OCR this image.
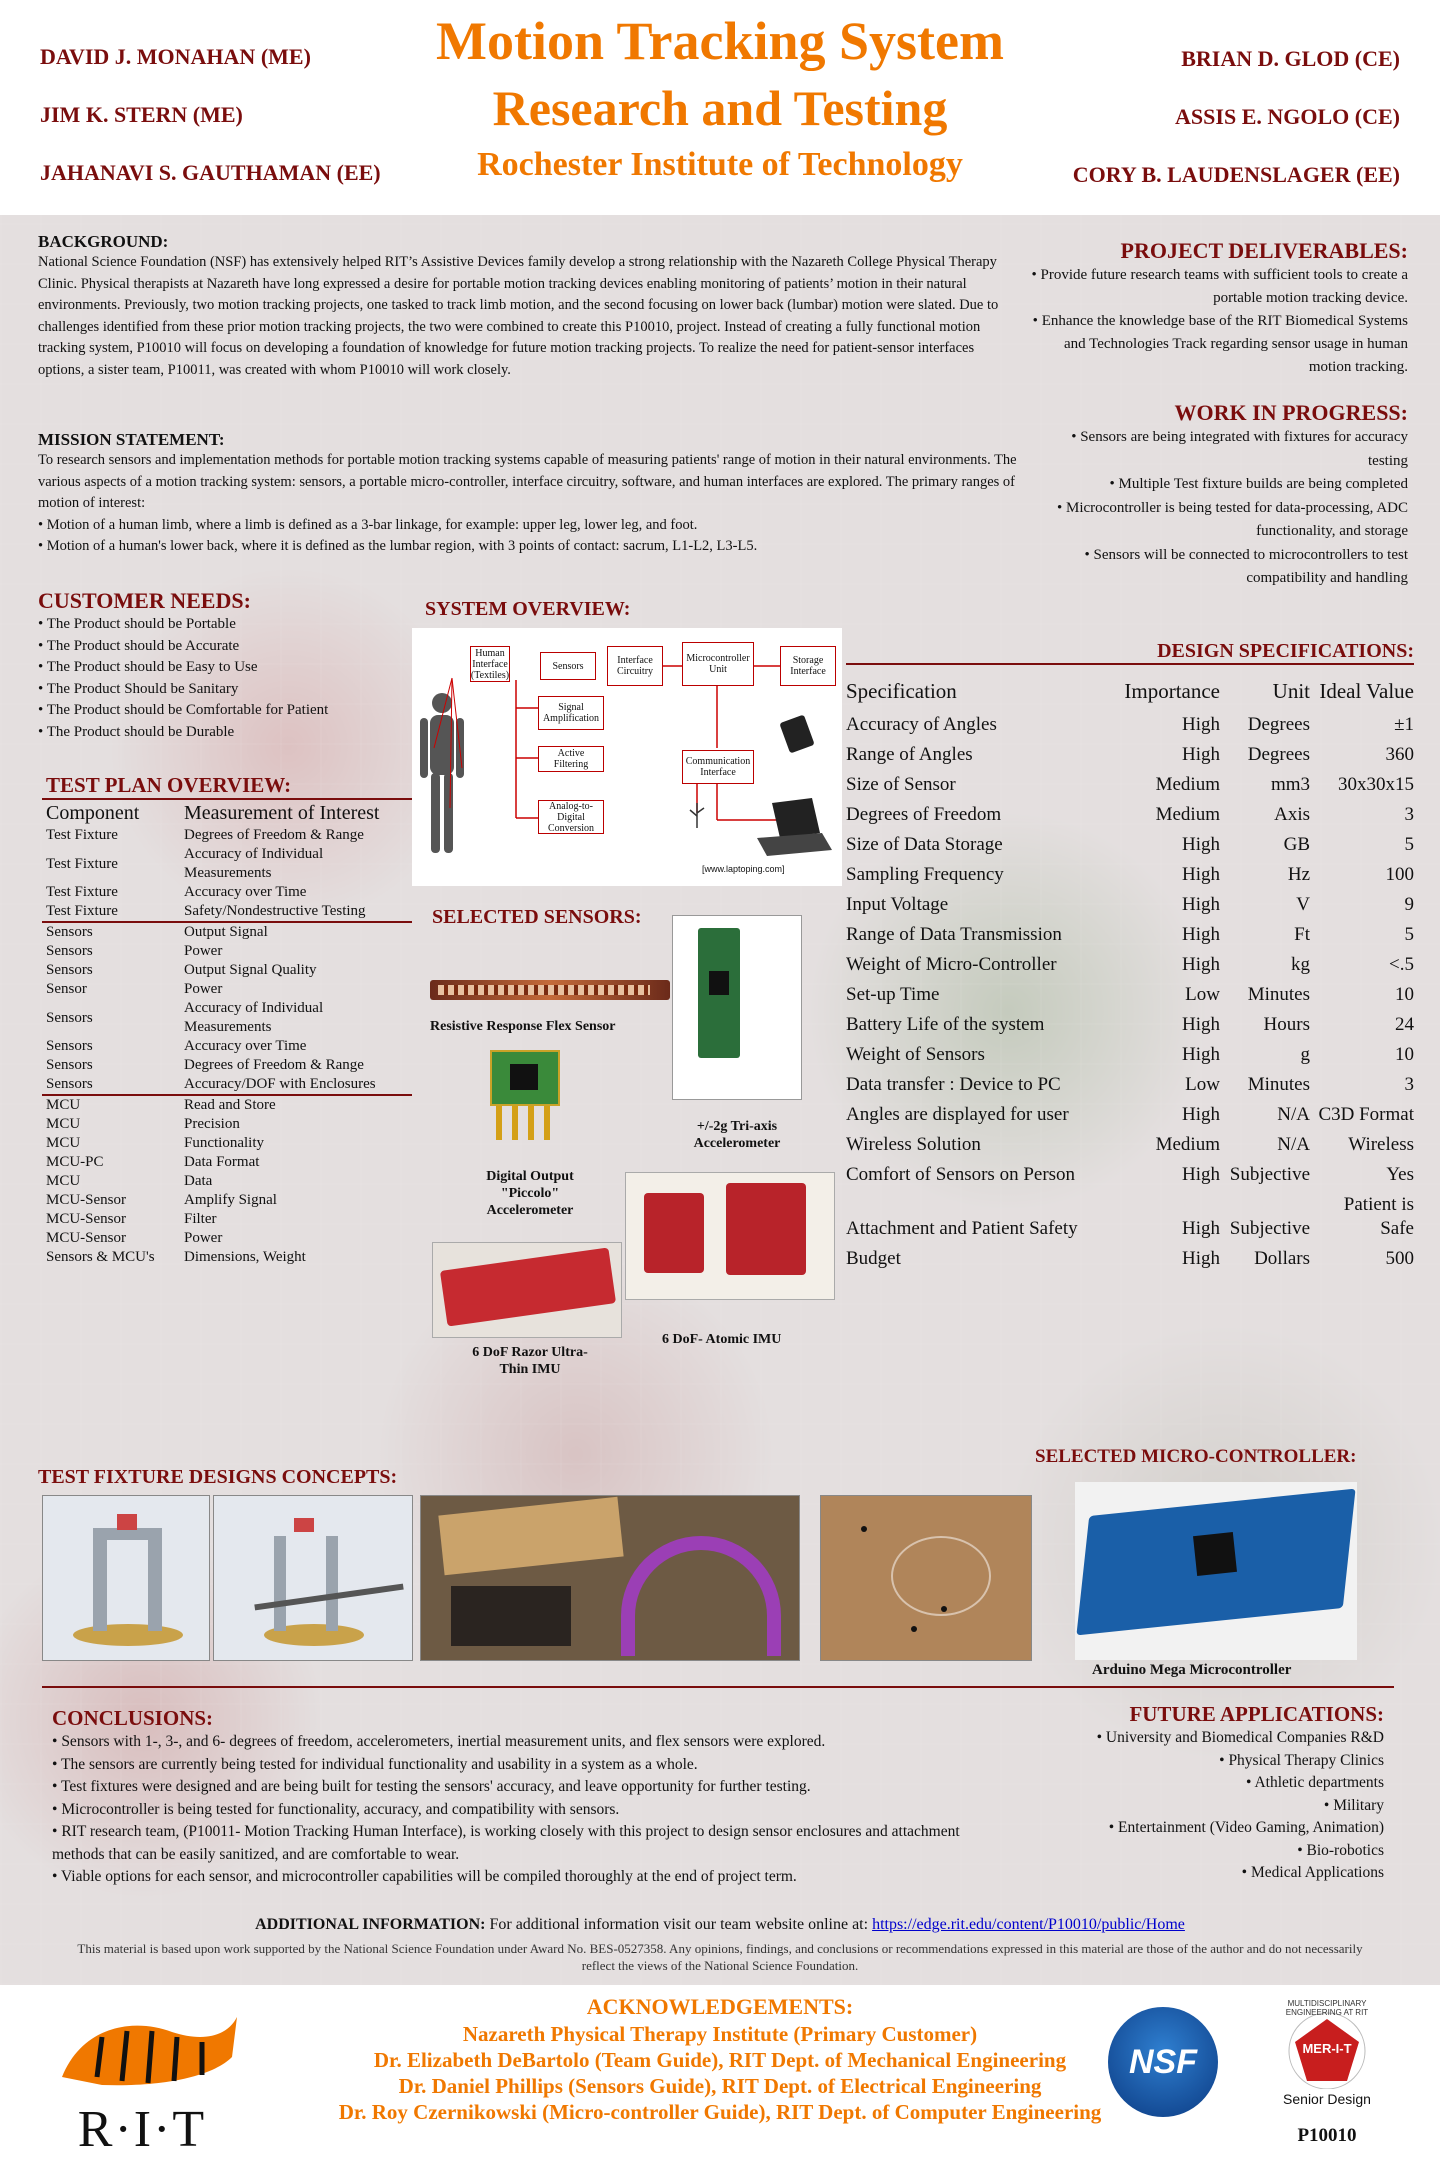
DAVID J. MONAHAN (ME)
JIM K. STERN (ME)
JAHANAVI S. GAUTHAMAN (EE)
Motion Tracking System
Research and Testing
Rochester Institute of Technology
BRIAN D. GLOD (CE)
ASSIS E. NGOLO (CE)
CORY B. LAUDENSLAGER (EE)
BACKGROUND:
National Science Foundation (NSF) has extensively helped RIT’s Assistive Devices family develop a strong relationship with the Nazareth College Physical Therapy Clinic. Physical therapists at Nazareth have long expressed a desire for portable motion tracking devices enabling monitoring of patients’ motion in their natural environments. Previously, two motion tracking projects, one tasked to track limb motion, and the second focusing on lower back (lumbar) motion were slated. Due to challenges identified from these prior motion tracking projects, the two were combined to create this P10010, project. Instead of creating a fully functional motion tracking system, P10010 will focus on developing a foundation of knowledge for future motion tracking projects. To realize the need for patient-sensor interfaces options, a sister team, P10011, was created with whom P10010 will work closely.
MISSION STATEMENT:
To research sensors and implementation methods for portable motion tracking systems capable of measuring patients' range of motion in their natural environments. The various aspects of a motion tracking system: sensors, a portable micro-controller, interface circuitry, software, and human interfaces are explored. The primary ranges of motion of interest:
• Motion of a human limb, where a limb is defined as a 3-bar linkage, for example: upper leg, lower leg, and foot.
• Motion of a human's lower back, where it is defined as the lumbar region, with 3 points of contact: sacrum, L1-L2, L3-L5.
PROJECT DELIVERABLES:
• Provide future research teams with sufficient tools to create a portable motion tracking device.
• Enhance the knowledge base of the RIT Biomedical Systems and Technologies Track regarding sensor usage in human motion tracking.
WORK IN PROGRESS:
• Sensors are being integrated with fixtures for accuracy testing
• Multiple Test fixture builds are being completed
• Microcontroller is being tested for data-processing, ADC functionality, and storage
• Sensors will be connected to microcontrollers to test compatibility and handling
CUSTOMER NEEDS:
• The Product should be Portable
• The Product should be Accurate
• The Product should be Easy to Use
• The Product Should be Sanitary
• The Product should be Comfortable for Patient
• The Product should be Durable
SYSTEM OVERVIEW:
Human Interface (Textiles)
Sensors	Interface Circuitry
Microcontroller Unit
Storage Interface
Signal Amplification
Active Filtering
Analog-to-Digital Conversion
Communication Interface
[www.laptoping.com]
TEST PLAN OVERVIEW:
Component	Measurement of Interest
Test Fixture	Degrees of Freedom & Range
Test Fixture	Accuracy of Individual Measurements
Test Fixture	Accuracy over Time
Test Fixture	Safety/Nondestructive Testing
Sensors	Output Signal
Sensors	Power
Sensors	Output Signal Quality
Sensor	Power
Sensors	Accuracy of Individual Measurements
Sensors	Accuracy over Time
Sensors	Degrees of Freedom & Range
Sensors	Accuracy/DOF with Enclosures
MCU	Read and Store
MCU	Precision
MCU	Functionality
MCU-PC	Data Format
MCU	Data
MCU-Sensor	Amplify Signal
MCU-Sensor	Filter
MCU-Sensor	Power
Sensors & MCU's	Dimensions, Weight
SELECTED SENSORS:
Resistive Response Flex Sensor
+/-2g Tri-axis Accelerometer
Digital Output "Piccolo" Accelerometer
6 DoF- Atomic IMU
6 DoF Razor Ultra-Thin IMU
DESIGN SPECIFICATIONS:
Specification	Importance	Unit	Ideal Value
Accuracy of Angles	High	Degrees	±1
Range of Angles	High	Degrees	360
Size of Sensor	Medium	mm3	30x30x15
Degrees of Freedom	Medium	Axis	3
Size of Data Storage	High	GB	5
Sampling Frequency	High	Hz	100
Input Voltage	High	V	9
Range of Data Transmission	High	Ft	5
Weight of Micro-Controller	High	kg	<.5
Set-up Time	Low	Minutes	10
Battery Life of the system	High	Hours	24
Weight of Sensors	High	g	10
Data transfer : Device to PC	Low	Minutes	3
Angles are displayed for user	High	N/A	C3D Format
Wireless Solution	Medium	N/A	Wireless
Comfort of Sensors on Person	High	Subjective	Yes
Attachment and Patient Safety	High	Subjective	Patient is Safe
Budget	High	Dollars	500
TEST FIXTURE DESIGNS CONCEPTS:
SELECTED MICRO-CONTROLLER:
Arduino Mega Microcontroller
CONCLUSIONS:
• Sensors with 1-, 3-, and 6- degrees of freedom, accelerometers, inertial measurement units, and flex sensors were explored.
• The sensors are currently being tested for individual functionality and usability in a system as a whole.
• Test fixtures were designed and are being built for testing the sensors' accuracy, and leave opportunity for further testing.
• Microcontroller is being tested for functionality, accuracy, and compatibility with sensors.
• RIT research team, (P10011- Motion Tracking Human Interface), is working closely with this project to design sensor enclosures and attachment methods that can be easily sanitized, and are comfortable to wear.
• Viable options for each sensor, and microcontroller capabilities will be compiled thoroughly at the end of project term.
FUTURE APPLICATIONS:
• University and Biomedical Companies R&D
• Physical Therapy Clinics
• Athletic departments
• Military
• Entertainment (Video Gaming, Animation)
• Bio-robotics
• Medical Applications
ADDITIONAL INFORMATION: For additional information visit our team website online at: https://edge.rit.edu/content/P10010/public/Home
This material is based upon work supported by the National Science Foundation under Award No. BES-0527358. Any opinions, findings, and conclusions or recommendations expressed in this material are those of the author and do not necessarily reflect the views of the National Science Foundation.
R·I·T
ACKNOWLEDGEMENTS:
Nazareth Physical Therapy Institute (Primary Customer)
Dr. Elizabeth DeBartolo (Team Guide), RIT Dept. of Mechanical Engineering
Dr. Daniel Phillips (Sensors Guide), RIT Dept. of Electrical Engineering
Dr. Roy Czernikowski (Micro-controller Guide), RIT Dept. of Computer Engineering
NSF
MULTIDISCIPLINARY ENGINEERING AT RIT
MER-I-T
Senior Design
P10010
